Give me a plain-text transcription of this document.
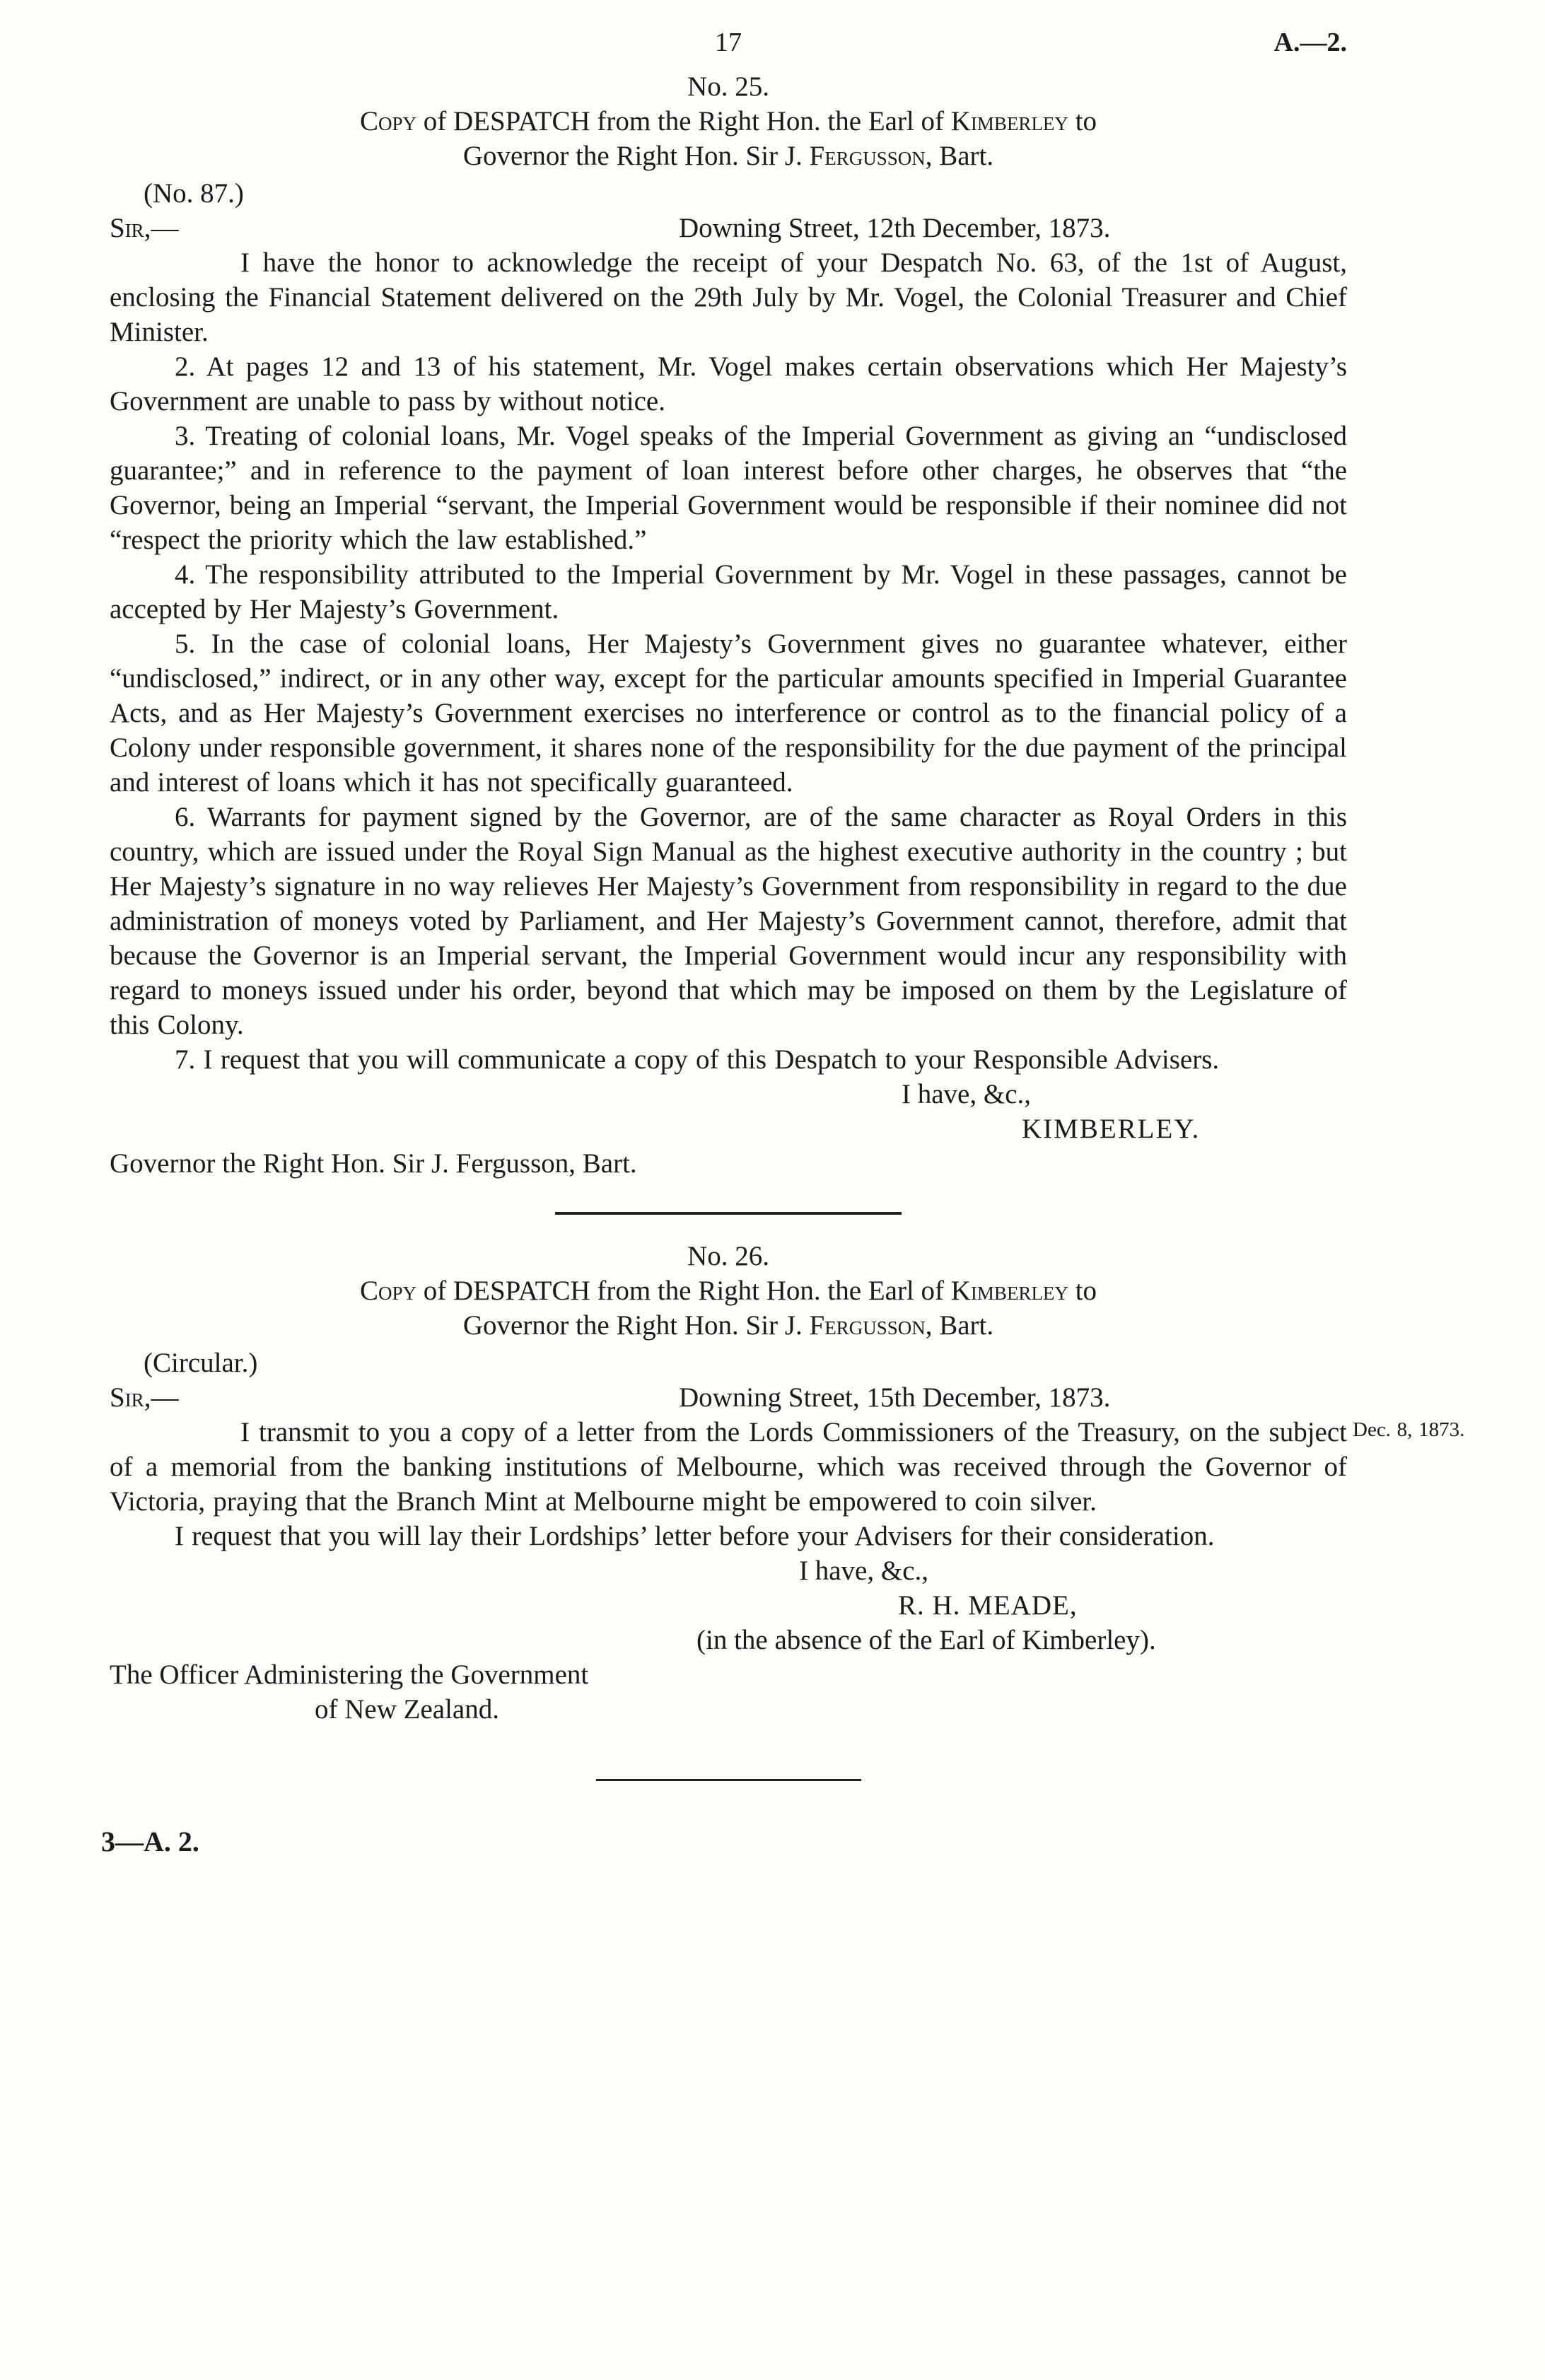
17	A.—2.
No. 25.
Copy of DESPATCH from the Right Hon. the Earl of Kimberley to
Governor the Right Hon. Sir J. Fergusson, Bart.
(No. 87.)
Sir,—	Downing Street, 12th December, 1873.

I have the honor to acknowledge the receipt of your Despatch No. 63, of the 1st of August, enclosing the Financial Statement delivered on the 29th July by Mr. Vogel, the Colonial Treasurer and Chief Minister.

2. At pages 12 and 13 of his statement, Mr. Vogel makes certain observations which Her Majesty’s Government are unable to pass by without notice.

3. Treating of colonial loans, Mr. Vogel speaks of the Imperial Government as giving an “undisclosed guarantee;” and in reference to the payment of loan interest before other charges, he observes that “the Governor, being an Imperial “servant, the Imperial Government would be responsible if their nominee did not “respect the priority which the law established.”

4. The responsibility attributed to the Imperial Government by Mr. Vogel in these passages, cannot be accepted by Her Majesty’s Government.

5. In the case of colonial loans, Her Majesty’s Government gives no guarantee whatever, either “undisclosed,” indirect, or in any other way, except for the particular amounts specified in Imperial Guarantee Acts, and as Her Majesty’s Government exercises no interference or control as to the financial policy of a Colony under responsible government, it shares none of the responsibility for the due payment of the principal and interest of loans which it has not specifically guaranteed.

6. Warrants for payment signed by the Governor, are of the same character as Royal Orders in this country, which are issued under the Royal Sign Manual as the highest executive authority in the country ; but Her Majesty’s signature in no way relieves Her Majesty’s Government from responsibility in regard to the due administration of moneys voted by Parliament, and Her Majesty’s Government cannot, therefore, admit that because the Governor is an Imperial servant, the Imperial Government would incur any responsibility with regard to moneys issued under his order, beyond that which may be imposed on them by the Legislature of this Colony.

7. I request that you will communicate a copy of this Despatch to your Responsible Advisers.

I have, &c.,
KIMBERLEY.
Governor the Right Hon. Sir J. Fergusson, Bart.
No. 26.
Copy of DESPATCH from the Right Hon. the Earl of Kimberley to
Governor the Right Hon. Sir J. Fergusson, Bart.
(Circular.)
Sir,—	Downing Street, 15th December, 1873.

I transmit to you a copy of a letter from the Lords Commissioners of the Treasury, on the subject of a memorial from the banking institutions of Melbourne, which was received through the Governor of Victoria, praying that the Branch Mint at Melbourne might be empowered to coin silver.
Dec. 8, 1873.

I request that you will lay their Lordships’ letter before your Advisers for their consideration.

I have, &c.,
R. H. MEADE,
(in the absence of the Earl of Kimberley).
The Officer Administering the Government
of New Zealand.
3—A. 2.
